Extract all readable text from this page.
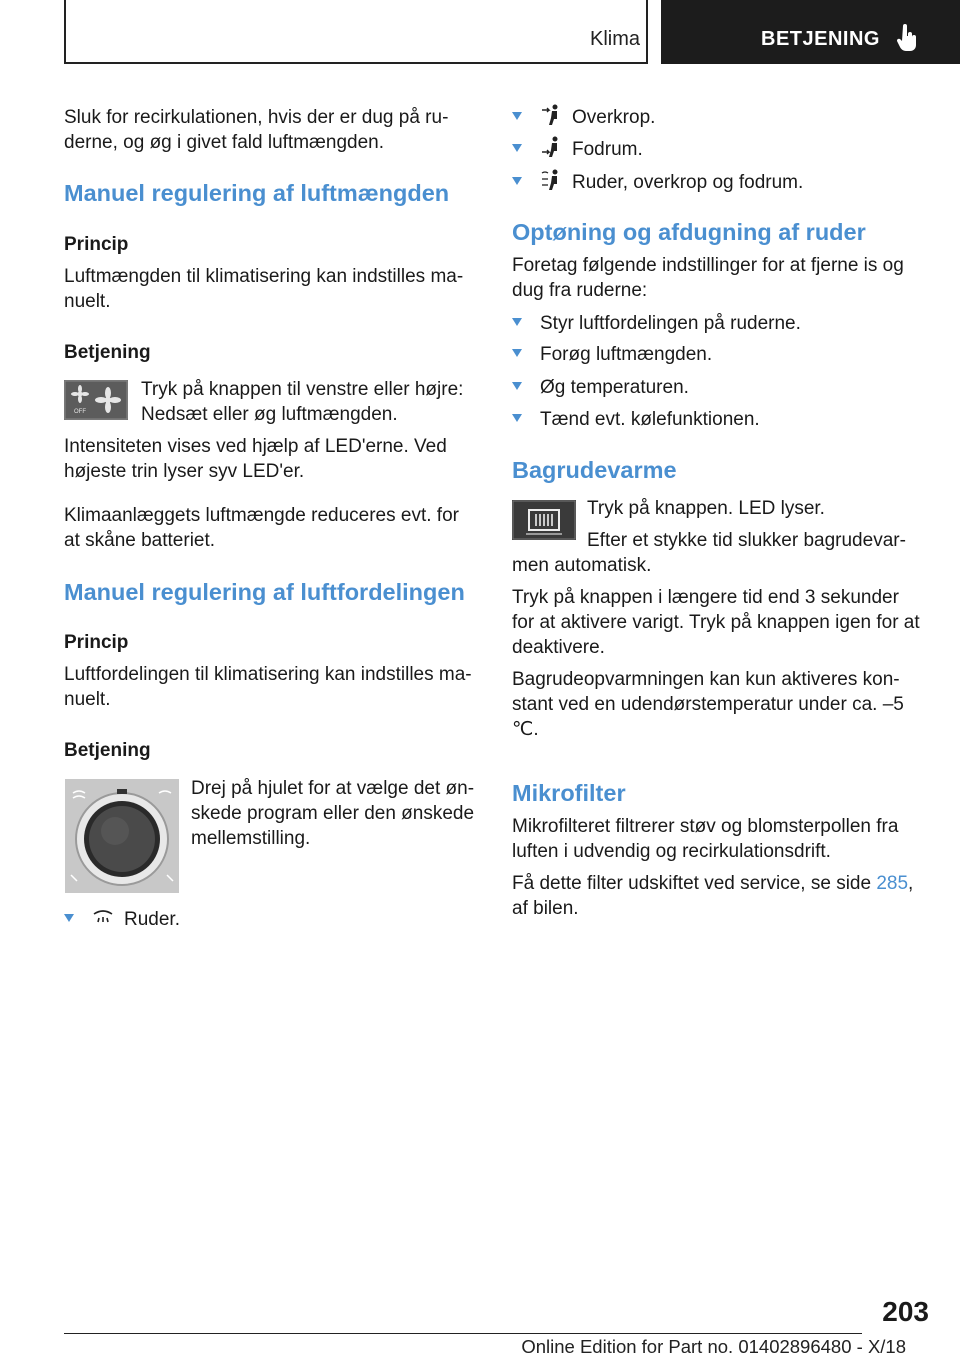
Klima	BETJENING

Sluk for recirkulationen, hvis der er dug på ru‐derne, og øg i givet fald luftmængden.

Manuel regulering af luftmængden
Princip

Luftmængden til klimatisering kan indstilles ma‐nuelt.

Betjening
OFF

Tryk på knappen til venstre eller højre: Nedsæt eller øg luftmængden.

Intensiteten vises ved hjælp af LED'erne. Ved højeste trin lyser syv LED'er.

Klimaanlæggets luftmængde reduceres evt. for at skåne batteriet.

Manuel regulering af luftfordelingen
Princip

Luftfordelingen til klimatisering kan indstilles ma‐nuelt.

Betjening

Drej på hjulet for at vælge det øn‐skede program eller den ønskede mellemstilling.

Ruder.
Overkrop.
Fodrum.
Ruder, overkrop og fodrum.
Optøning og afdugning af ruder

Foretag følgende indstillinger for at fjerne is og dug fra ruderne:

Styr luftfordelingen på ruderne.
Forøg luftmængden.
Øg temperaturen.
Tænd evt. kølefunktionen.
Bagrudevarme

Tryk på knappen. LED lyser.

Efter et stykke tid slukker bagrudevar‐men automatisk.

Tryk på knappen i længere tid end 3 sekunder for at aktivere varigt. Tryk på knappen igen for at deaktivere.

Bagrudeopvarmningen kan kun aktiveres kon‐stant ved en udendørstemperatur under ca. –5 ℃.

Mikrofilter

Mikrofilteret filtrerer støv og blomsterpollen fra luften i udvendig og recirkulationsdrift.

Få dette filter udskiftet ved service, se side 285,
af bilen.

203
Online Edition for Part no. 01402896480 - X/18
